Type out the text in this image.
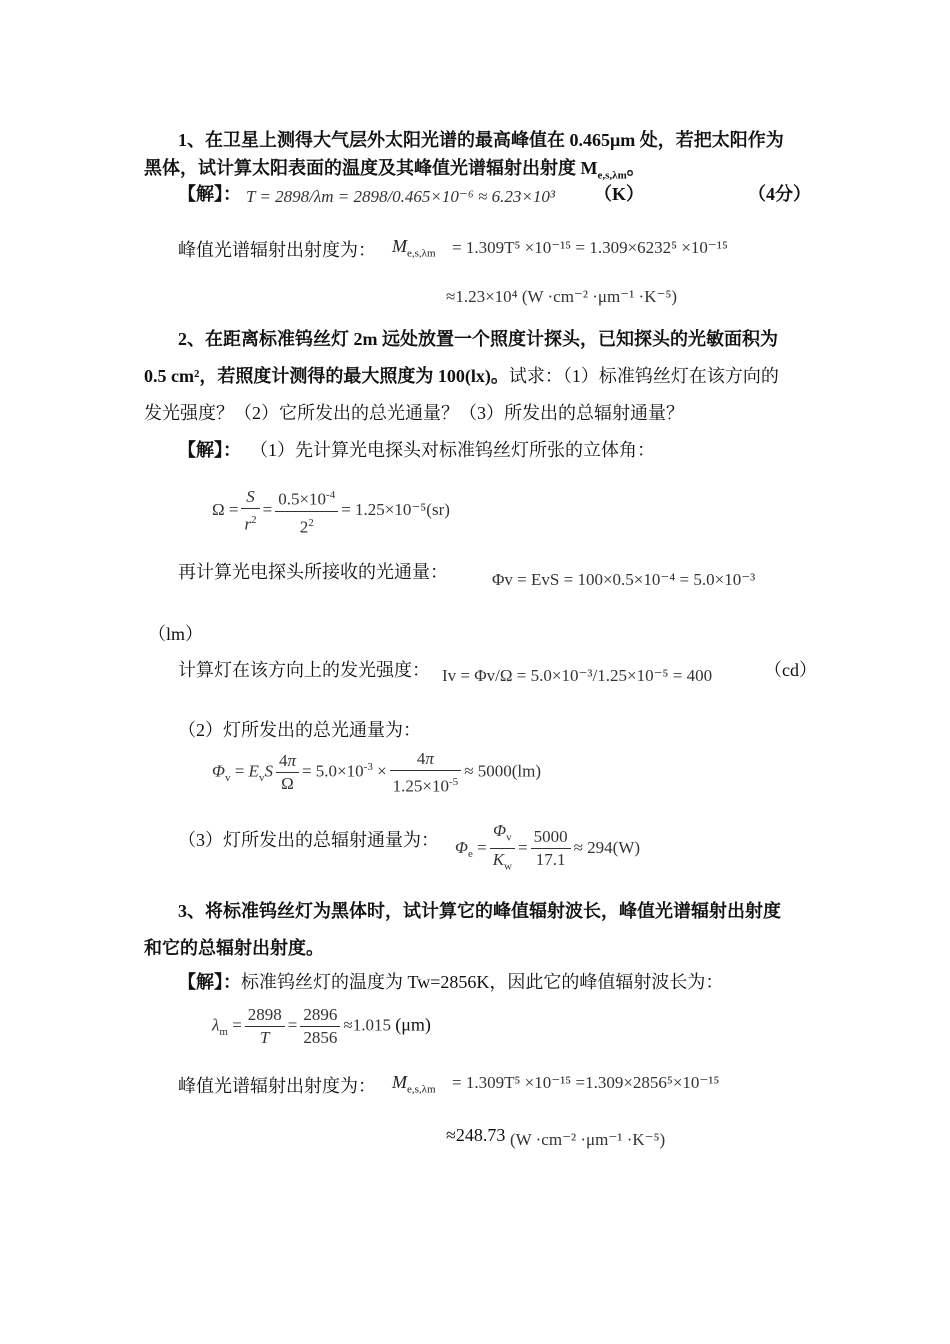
1、在卫星上测得大气层外太阳光谱的最高峰值在 0.465μm 处，若把太阳作为
黑体，试计算太阳表面的温度及其峰值光谱辐射出射度 $M_{e,s,\lambda m}$。
【解】： T = 2898/λm = 2898/0.465×10⁻⁶ ≈ 6.23×10³ （K）	（4分）
峰值光谱辐射出射度为： $M_{e,s,\lambda m} = 1.309T^5 \times 10^{-15} = 1.309\times 6232^5 \times 10^{-15}$
≈1.23×10⁴ (W ·cm⁻² ·μm⁻¹ ·K⁻⁵)
2、在距离标准钨丝灯 2m 远处放置一个照度计探头，已知探头的光敏面积为
0.5 cm²，若照度计测得的最大照度为 100(lx)。试求：（1）标准钨丝灯在该方向的
发光强度？（2）它所发出的总光通量？（3）所发出的总辐射通量？
【解】： （1）先计算光电探头对标准钨丝灯所张的立体角：
$\Omega = \frac{S}{r^2} = \frac{0.5\times 10^{-4}}{2^2} = 1.25\times 10^{-5}(sr)$
再计算光电探头所接收的光通量：	Φv = EvS = 100×0.5×10⁻⁴ = 5.0×10⁻³
（lm）
计算灯在该方向上的发光强度： Iv = Φv/Ω = 5.0×10⁻³/1.25×10⁻⁵ = 400	（cd）
（2）灯所发出的总光通量为：
$\Phi_v = E_vS \frac{4\pi}{\Omega} = 5.0\times 10^{-3} \times \frac{4\pi}{1.25\times 10^{-5}} \approx 5000(lm)$
（3）灯所发出的总辐射通量为： $\Phi_e = \frac{\Phi_v}{K_w} = \frac{5000}{17.1} \approx 294(W)$
3、将标准钨丝灯为黑体时，试计算它的峰值辐射波长，峰值光谱辐射出射度
和它的总辐射出射度。
【解】：标准钨丝灯的温度为 Tw=2856K，因此它的峰值辐射波长为：
$\lambda_m = \frac{2898}{T} = \frac{2896}{2856} \approx 1.015$ (μm)
峰值光谱辐射出射度为： $M_{e,s,\lambda m} = 1.309T^5 \times 10^{-15} =1.309\times 2856^5\times 10^{-15}$
≈248.73 (W ·cm⁻² ·μm⁻¹ ·K⁻⁵)
